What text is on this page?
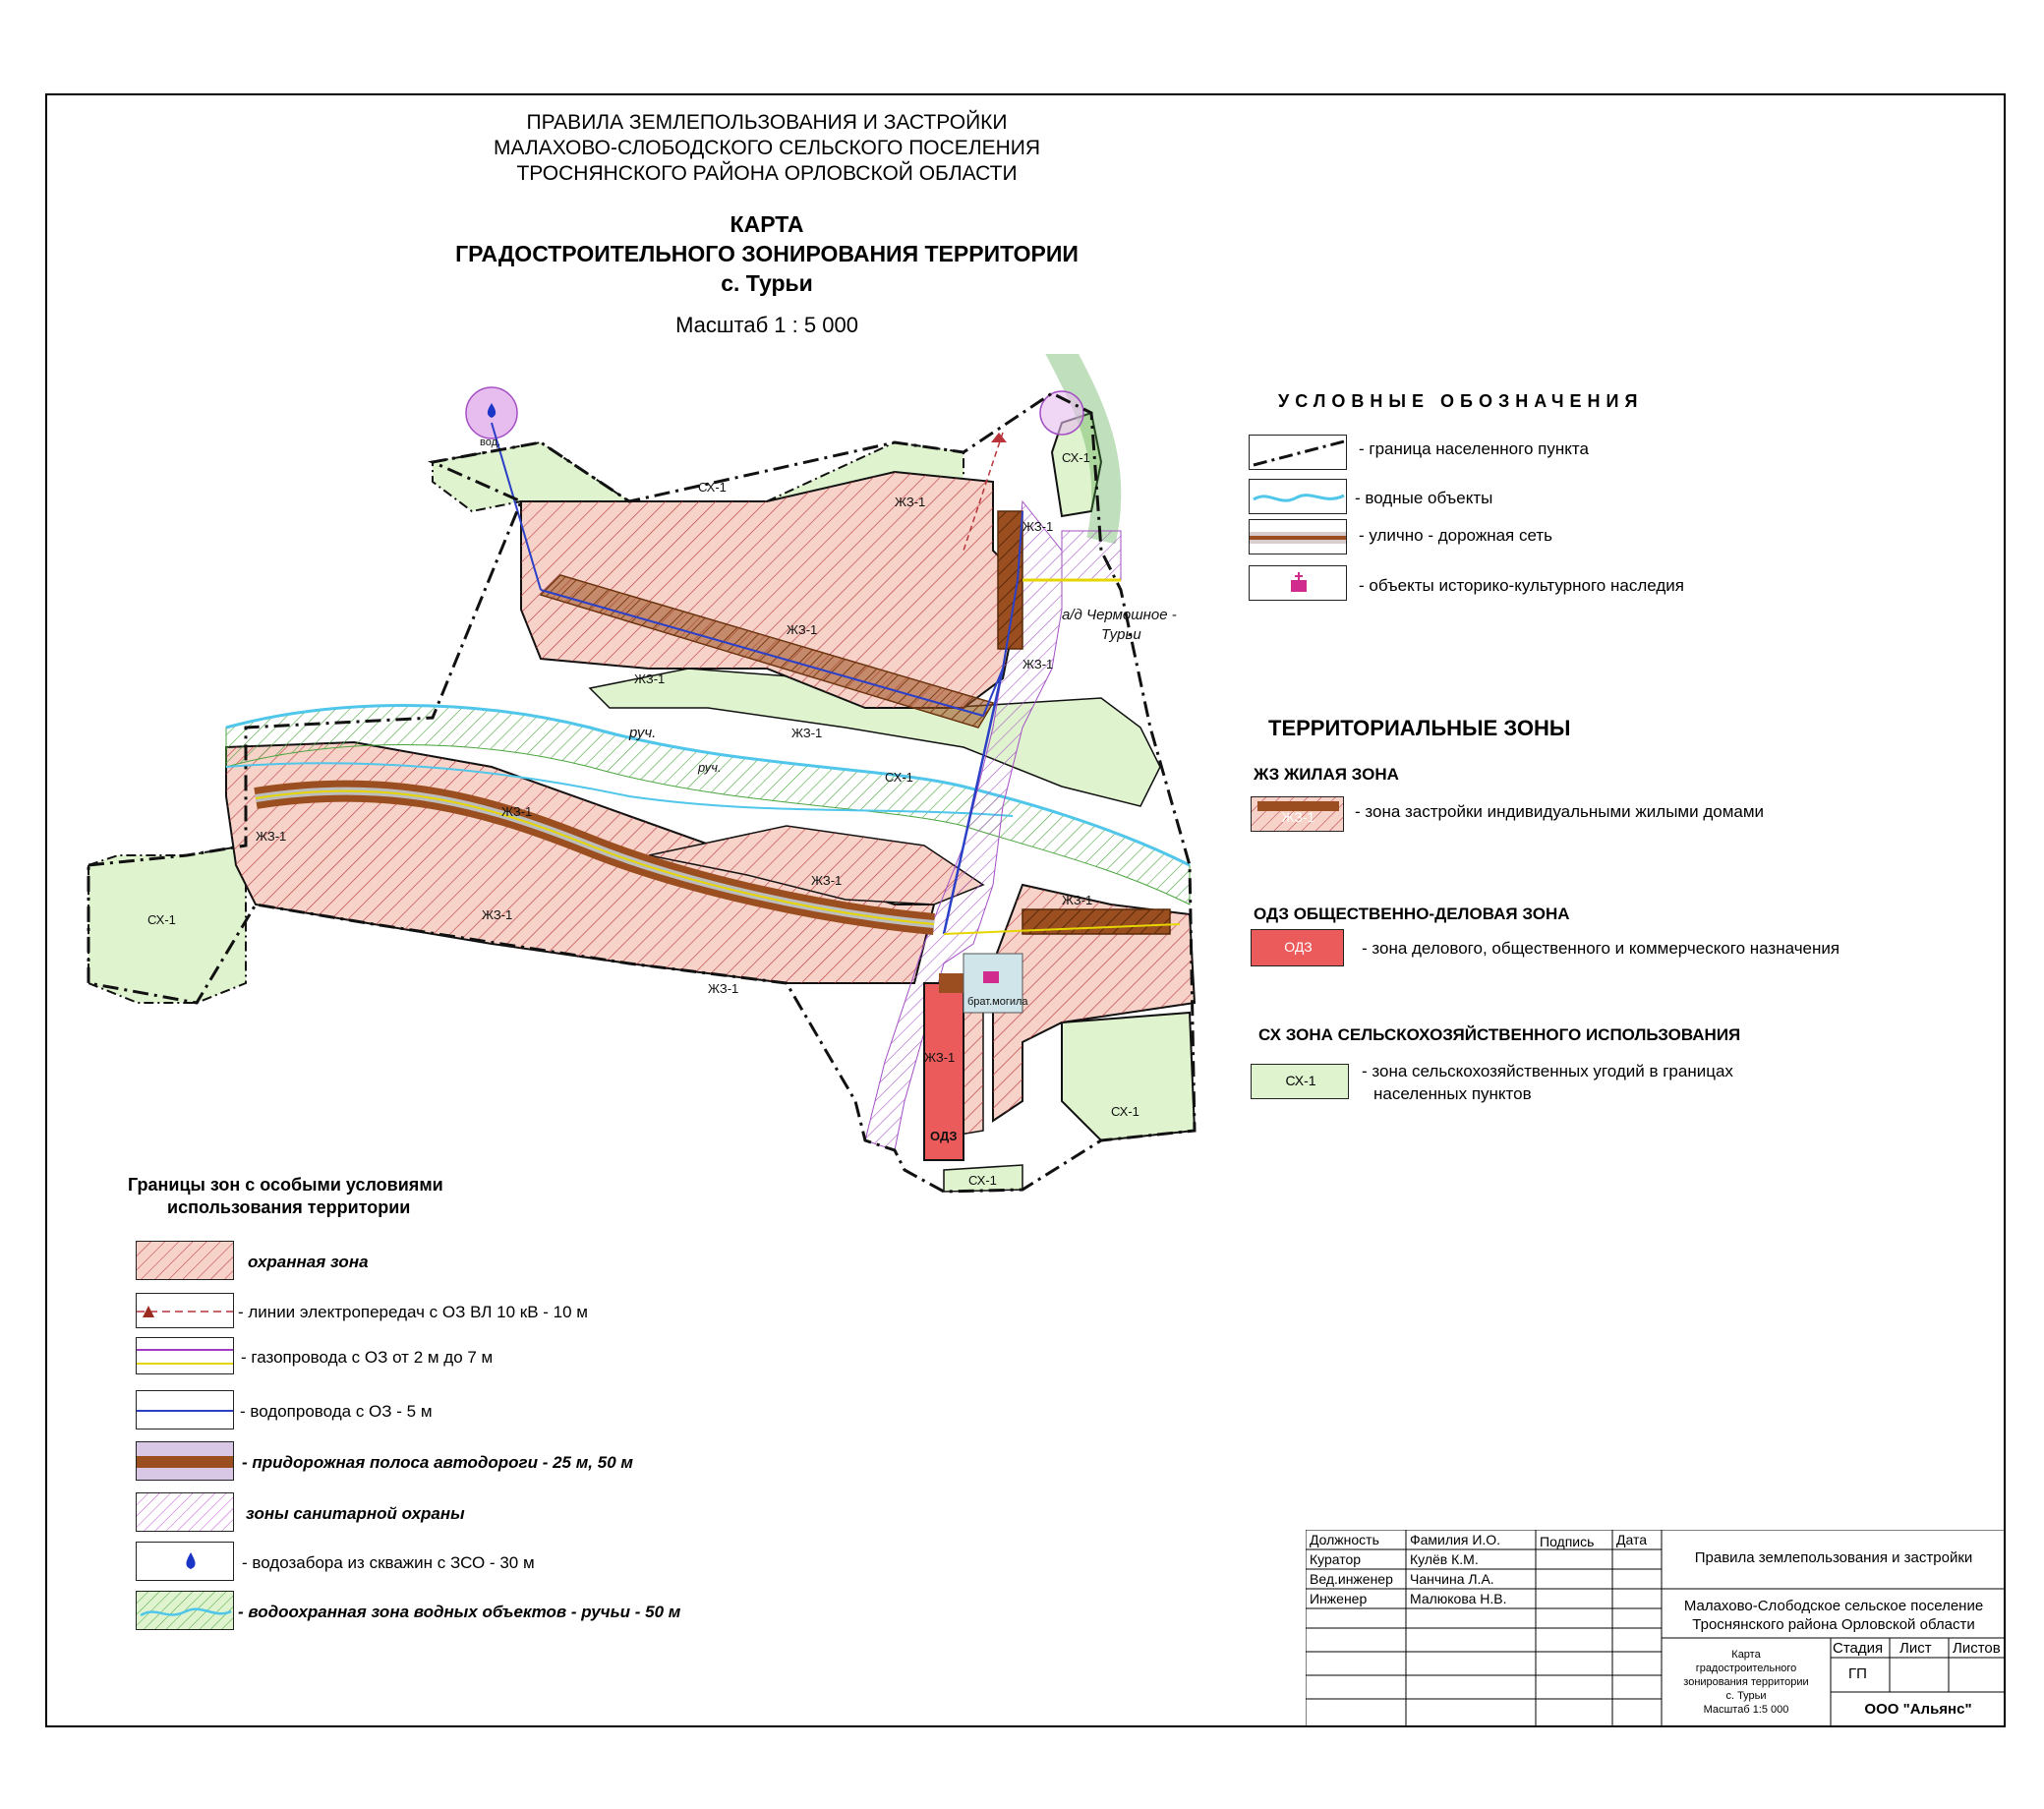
ПРАВИЛА ЗЕМЛЕПОЛЬЗОВАНИЯ И ЗАСТРОЙКИ
МАЛАХОВО-СЛОБОДСКОГО СЕЛЬСКОГО ПОСЕЛЕНИЯ
ТРОСНЯНСКОГО РАЙОНА ОРЛОВСКОЙ ОБЛАСТИ
КАРТА
ГРАДОСТРОИТЕЛЬНОГО ЗОНИРОВАНИЯ ТЕРРИТОРИИ
с. Турьи
Масштаб 1 : 5 000
СХ-1
СХ-1
СХ-1
СХ-1
СХ-1
СХ-1
ЖЗ-1
ЖЗ-1
ЖЗ-1
ЖЗ-1
ЖЗ-1
ЖЗ-1
ЖЗ-1
ЖЗ-1
ЖЗ-1
ЖЗ-1
ЖЗ-1
ЖЗ-1
ЖЗ-1
ОДЗ
руч.
руч.
а/д Чермошное -
Турьи
вод.
брат.могила
УСЛОВНЫЕ ОБОЗНАЧЕНИЯ
- граница населенного пункта
- водные объекты
- улично - дорожная сеть
- объекты историко-культурного наследия
ТЕРРИТОРИАЛЬНЫЕ ЗОНЫ
ЖЗ ЖИЛАЯ ЗОНА
ЖЗ-1	- зона застройки индивидуальными жилыми домами
ОДЗ ОБЩЕСТВЕННО-ДЕЛОВАЯ ЗОНА
ОДЗ	- зона делового, общественного и коммерческого назначения
СХ ЗОНА СЕЛЬСКОХОЗЯЙСТВЕННОГО ИСПОЛЬЗОВАНИЯ
СХ-1	- зона сельскохозяйственных угодий в границах
населенных пунктов
Границы зон с особыми условиями
использования территории
охранная зона
- линии электропередач с ОЗ ВЛ 10 кВ - 10 м
- газопровода с ОЗ от 2 м до 7 м
- водопровода с ОЗ - 5 м
- придорожная полоса автодороги - 25 м, 50 м
зоны санитарной охраны
- водозабора из скважин с ЗСО - 30 м
- водоохранная зона водных объектов - ручьи - 50 м
Должность Фамилия И.О.	Подпись Дата
Куратор	Кулёв К.М.
Вед.инженер Чанчина Л.А.
Инженер	Малюкова Н.В.
Правила землепользования и застройки
Малахово-Слободское сельское поселение
Троснянского района Орловской области
Карта
градостроительного
зонирования территории
с. Турьи
Масштаб 1:5 000
Стадия Лист Листов
ГП
ООО "Альянс"
